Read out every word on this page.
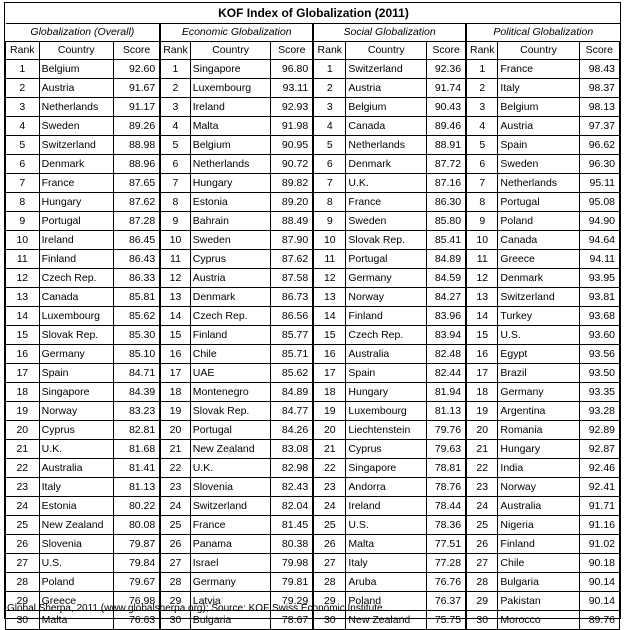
KOF Index of Globalization (2011)
Globalization (Overall)			Economic Globalization			Social Globalization			Political Globalization		
Rank	Country	Score	Rank	Country	Score	Rank	Country	Score	Rank	Country	Score
1	Belgium	92.60	1	Singapore	96.80	1	Switzerland	92.36	1	France	98.43
2	Austria	91.67	2	Luxembourg	93.11	2	Austria	91.74	2	Italy	98.37
3	Netherlands	91.17	3	Ireland	92.93	3	Belgium	90.43	3	Belgium	98.13
4	Sweden	89.26	4	Malta	91.98	4	Canada	89.46	4	Austria	97.37
5	Switzerland	88.98	5	Belgium	90.95	5	Netherlands	88.91	5	Spain	96.62
6	Denmark	88.96	6	Netherlands	90.72	6	Denmark	87.72	6	Sweden	96.30
7	France	87.65	7	Hungary	89.82	7	U.K.	87.16	7	Netherlands	95.11
8	Hungary	87.62	8	Estonia	89.20	8	France	86.30	8	Portugal	95.08
9	Portugal	87.28	9	Bahrain	88.49	9	Sweden	85.80	9	Poland	94.90
10	Ireland	86.45	10	Sweden	87.90	10	Slovak Rep.	85.41	10	Canada	94.64
11	Finland	86.43	11	Cyprus	87.62	11	Portugal	84.89	11	Greece	94.11
12	Czech Rep.	86.33	12	Austria	87.58	12	Germany	84.59	12	Denmark	93.95
13	Canada	85.81	13	Denmark	86.73	13	Norway	84.27	13	Switzerland	93.81
14	Luxembourg	85.62	14	Czech Rep.	86.56	14	Finland	83.96	14	Turkey	93.68
15	Slovak Rep.	85.30	15	Finland	85.77	15	Czech Rep.	83.94	15	U.S.	93.60
16	Germany	85.10	16	Chile	85.71	16	Australia	82.48	16	Egypt	93.56
17	Spain	84.71	17	UAE	85.62	17	Spain	82.44	17	Brazil	93.50
18	Singapore	84.39	18	Montenegro	84.89	18	Hungary	81.94	18	Germany	93.35
19	Norway	83.23	19	Slovak Rep.	84.77	19	Luxembourg	81.13	19	Argentina	93.28
20	Cyprus	82.81	20	Portugal	84.26	20	Liechtenstein	79.76	20	Romania	92.89
21	U.K.	81.68	21	New Zealand	83.08	21	Cyprus	79.63	21	Hungary	92.87
22	Australia	81.41	22	U.K.	82.98	22	Singapore	78.81	22	India	92.46
23	Italy	81.13	23	Slovenia	82.43	23	Andorra	78.76	23	Norway	92.41
24	Estonia	80.22	24	Switzerland	82.04	24	Ireland	78.44	24	Australia	91.71
25	New Zealand	80.08	25	France	81.45	25	U.S.	78.36	25	Nigeria	91.16
26	Slovenia	79.87	26	Panama	80.38	26	Malta	77.51	26	Finland	91.02
27	U.S.	79.84	27	Israel	79.98	27	Italy	77.28	27	Chile	90.18
28	Poland	79.67	28	Germany	79.81	28	Aruba	76.76	28	Bulgaria	90.14
29	Greece	76.98	29	Latvia	79.29	29	Poland	76.37	29	Pakistan	90.14
30	Malta	76.63	30	Bulgaria	78.67	30	New Zealand	75.75	30	Morocco	89.76
Global Sherpa, 2011 (www.globalsherpa.org); Source: KOF Swiss Economic Institute.
